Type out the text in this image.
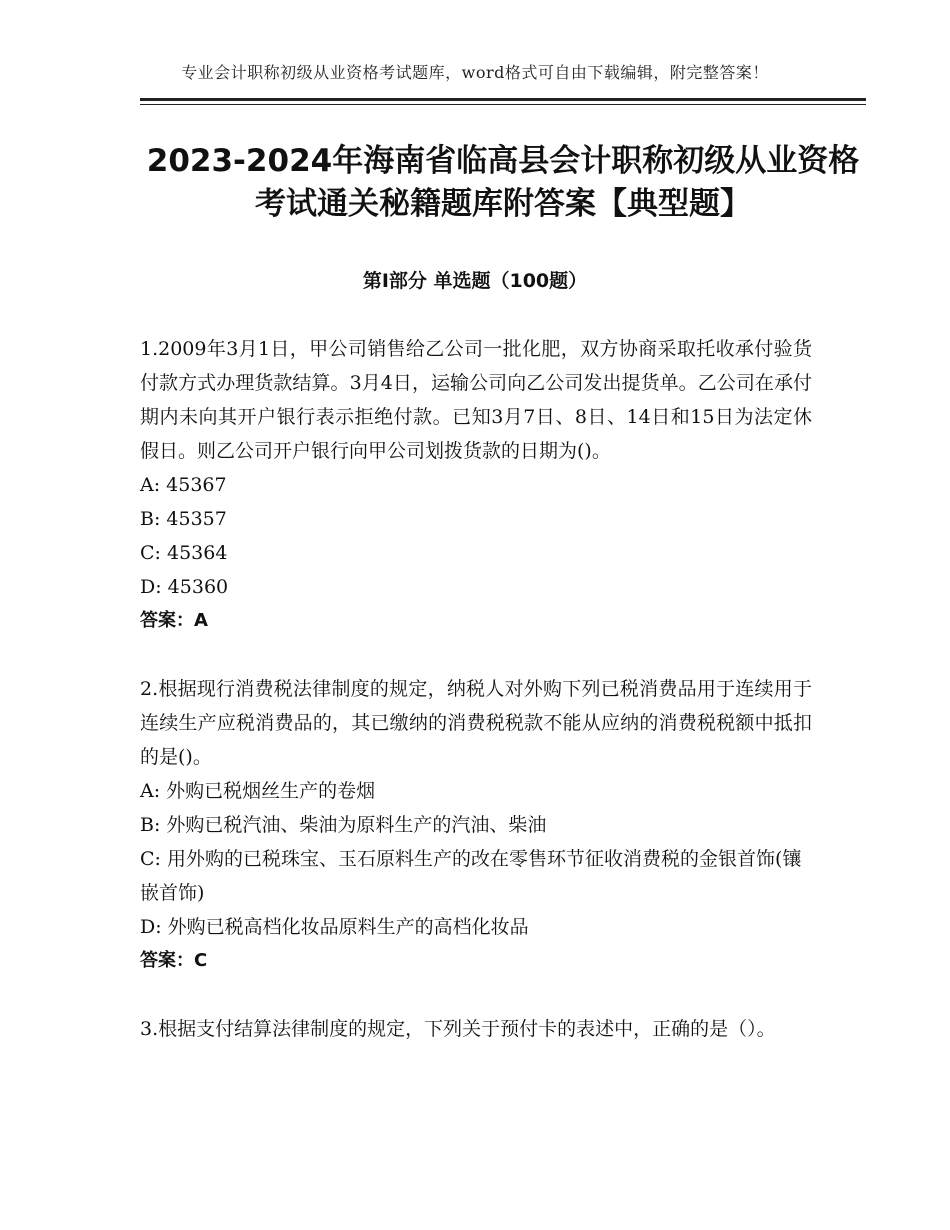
专业会计职称初级从业资格考试题库，word格式可自由下载编辑，附完整答案！
2023-2024年海南省临高县会计职称初级从业资格考试通关秘籍题库附答案【典型题】
第Ⅰ部分 单选题（100题）

1.2009年3月1日，甲公司销售给乙公司一批化肥，双方协商采取托收承付验货付款方式办理货款结算。3月4日，运输公司向乙公司发出提货单。乙公司在承付期内未向其开户银行表示拒绝付款。已知3月7日、8日、14日和15日为法定休假日。则乙公司开户银行向甲公司划拨货款的日期为()。

A: 45367

B: 45357

C: 45364

D: 45360

答案：A

2.根据现行消费税法律制度的规定，纳税人对外购下列已税消费品用于连续用于连续生产应税消费品的，其已缴纳的消费税税款不能从应纳的消费税税额中抵扣的是()。

A: 外购已税烟丝生产的卷烟

B: 外购已税汽油、柴油为原料生产的汽油、柴油

C: 用外购的已税珠宝、玉石原料生产的改在零售环节征收消费税的金银首饰(镶嵌首饰)

D: 外购已税高档化妆品原料生产的高档化妆品

答案：C

3.根据支付结算法律制度的规定，下列关于预付卡的表述中，正确的是（）。
